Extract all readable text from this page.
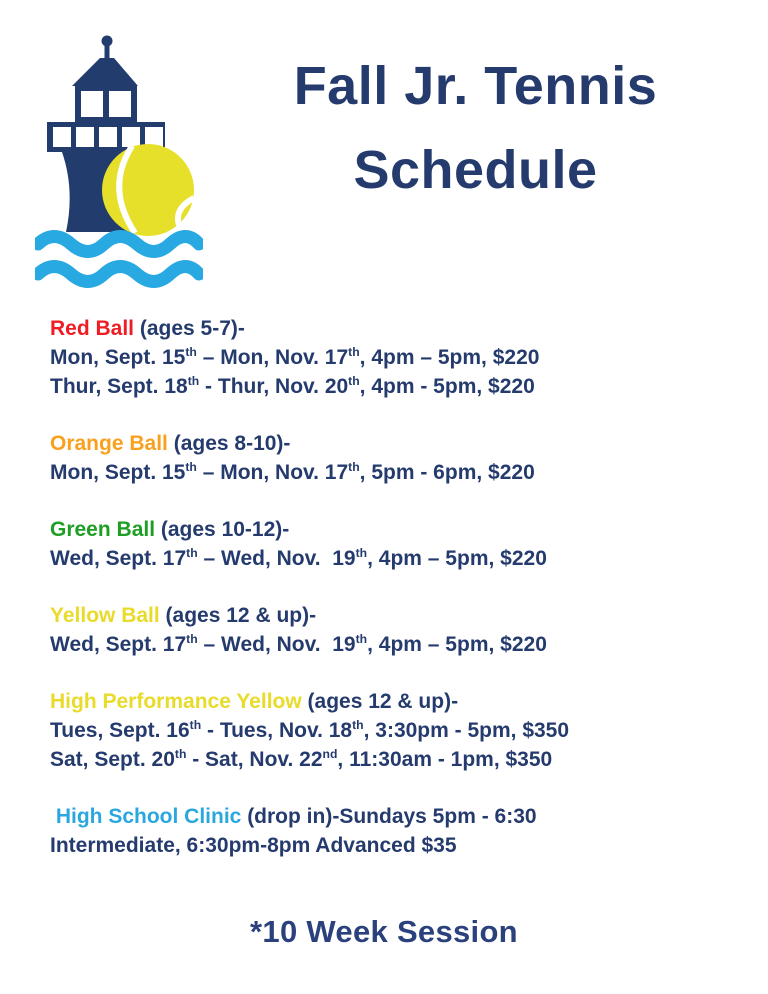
Fall Jr. Tennis
Schedule
Red Ball (ages 5-7)-
Mon, Sept. 15th – Mon, Nov. 17th, 4pm – 5pm, $220
Thur, Sept. 18th - Thur, Nov. 20th, 4pm - 5pm, $220
Orange Ball (ages 8-10)-
Mon, Sept. 15th – Mon, Nov. 17th, 5pm - 6pm, $220
Green Ball (ages 10-12)-
Wed, Sept. 17th – Wed, Nov.  19th, 4pm – 5pm, $220
Yellow Ball (ages 12 & up)-
Wed, Sept. 17th – Wed, Nov.  19th, 4pm – 5pm, $220
High Performance Yellow (ages 12 & up)-
Tues, Sept. 16th - Tues, Nov. 18th, 3:30pm - 5pm, $350
Sat, Sept. 20th - Sat, Nov. 22nd, 11:30am - 1pm, $350
High School Clinic (drop in)-Sundays 5pm - 6:30
Intermediate, 6:30pm-8pm Advanced $35
*10 Week Session
